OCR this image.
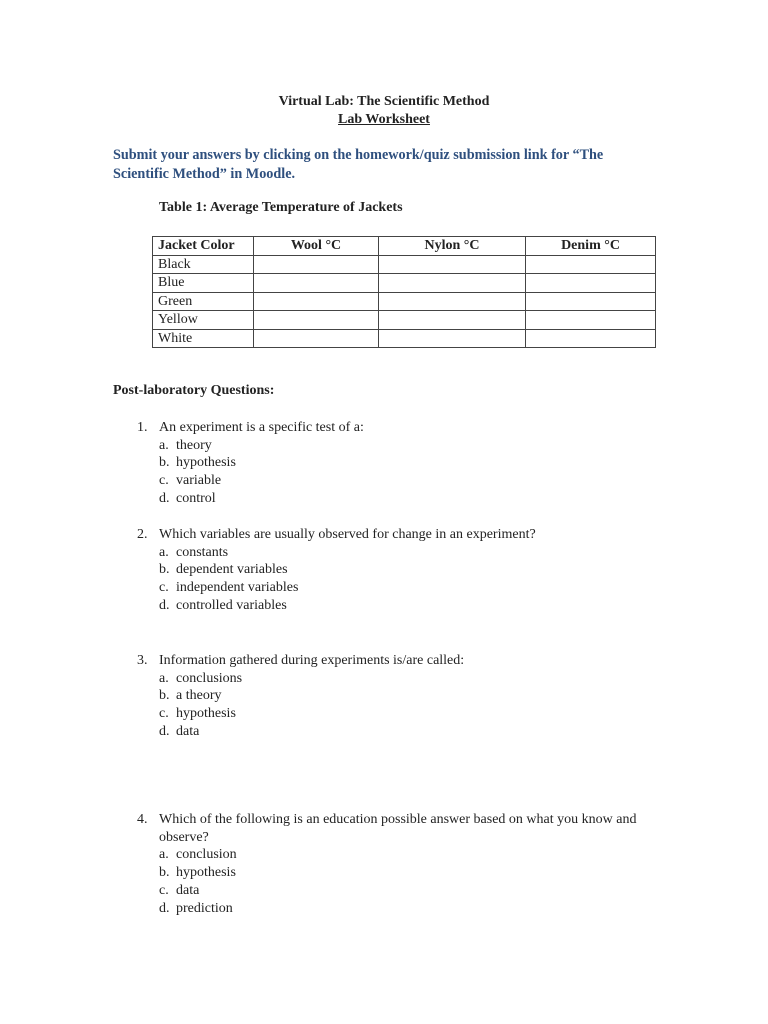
Virtual Lab: The Scientific Method
Lab Worksheet
Submit your answers by clicking on the homework/quiz submission link for “The Scientific Method” in Moodle.
Table 1: Average Temperature of Jackets
Jacket Color	Wool °C	Nylon °C	Denim °C
Black			
Blue			
Green			
Yellow			
White			
Post-laboratory Questions:
1. An experiment is a specific test of a:
a. theory
b. hypothesis
c. variable
d. control
2. Which variables are usually observed for change in an experiment?
a. constants
b. dependent variables
c. independent variables
d. controlled variables
3. Information gathered during experiments is/are called:
a. conclusions
b. a theory
c. hypothesis
d. data
4. Which of the following is an education possible answer based on what you know and observe?
a. conclusion
b. hypothesis
c. data
d. prediction
